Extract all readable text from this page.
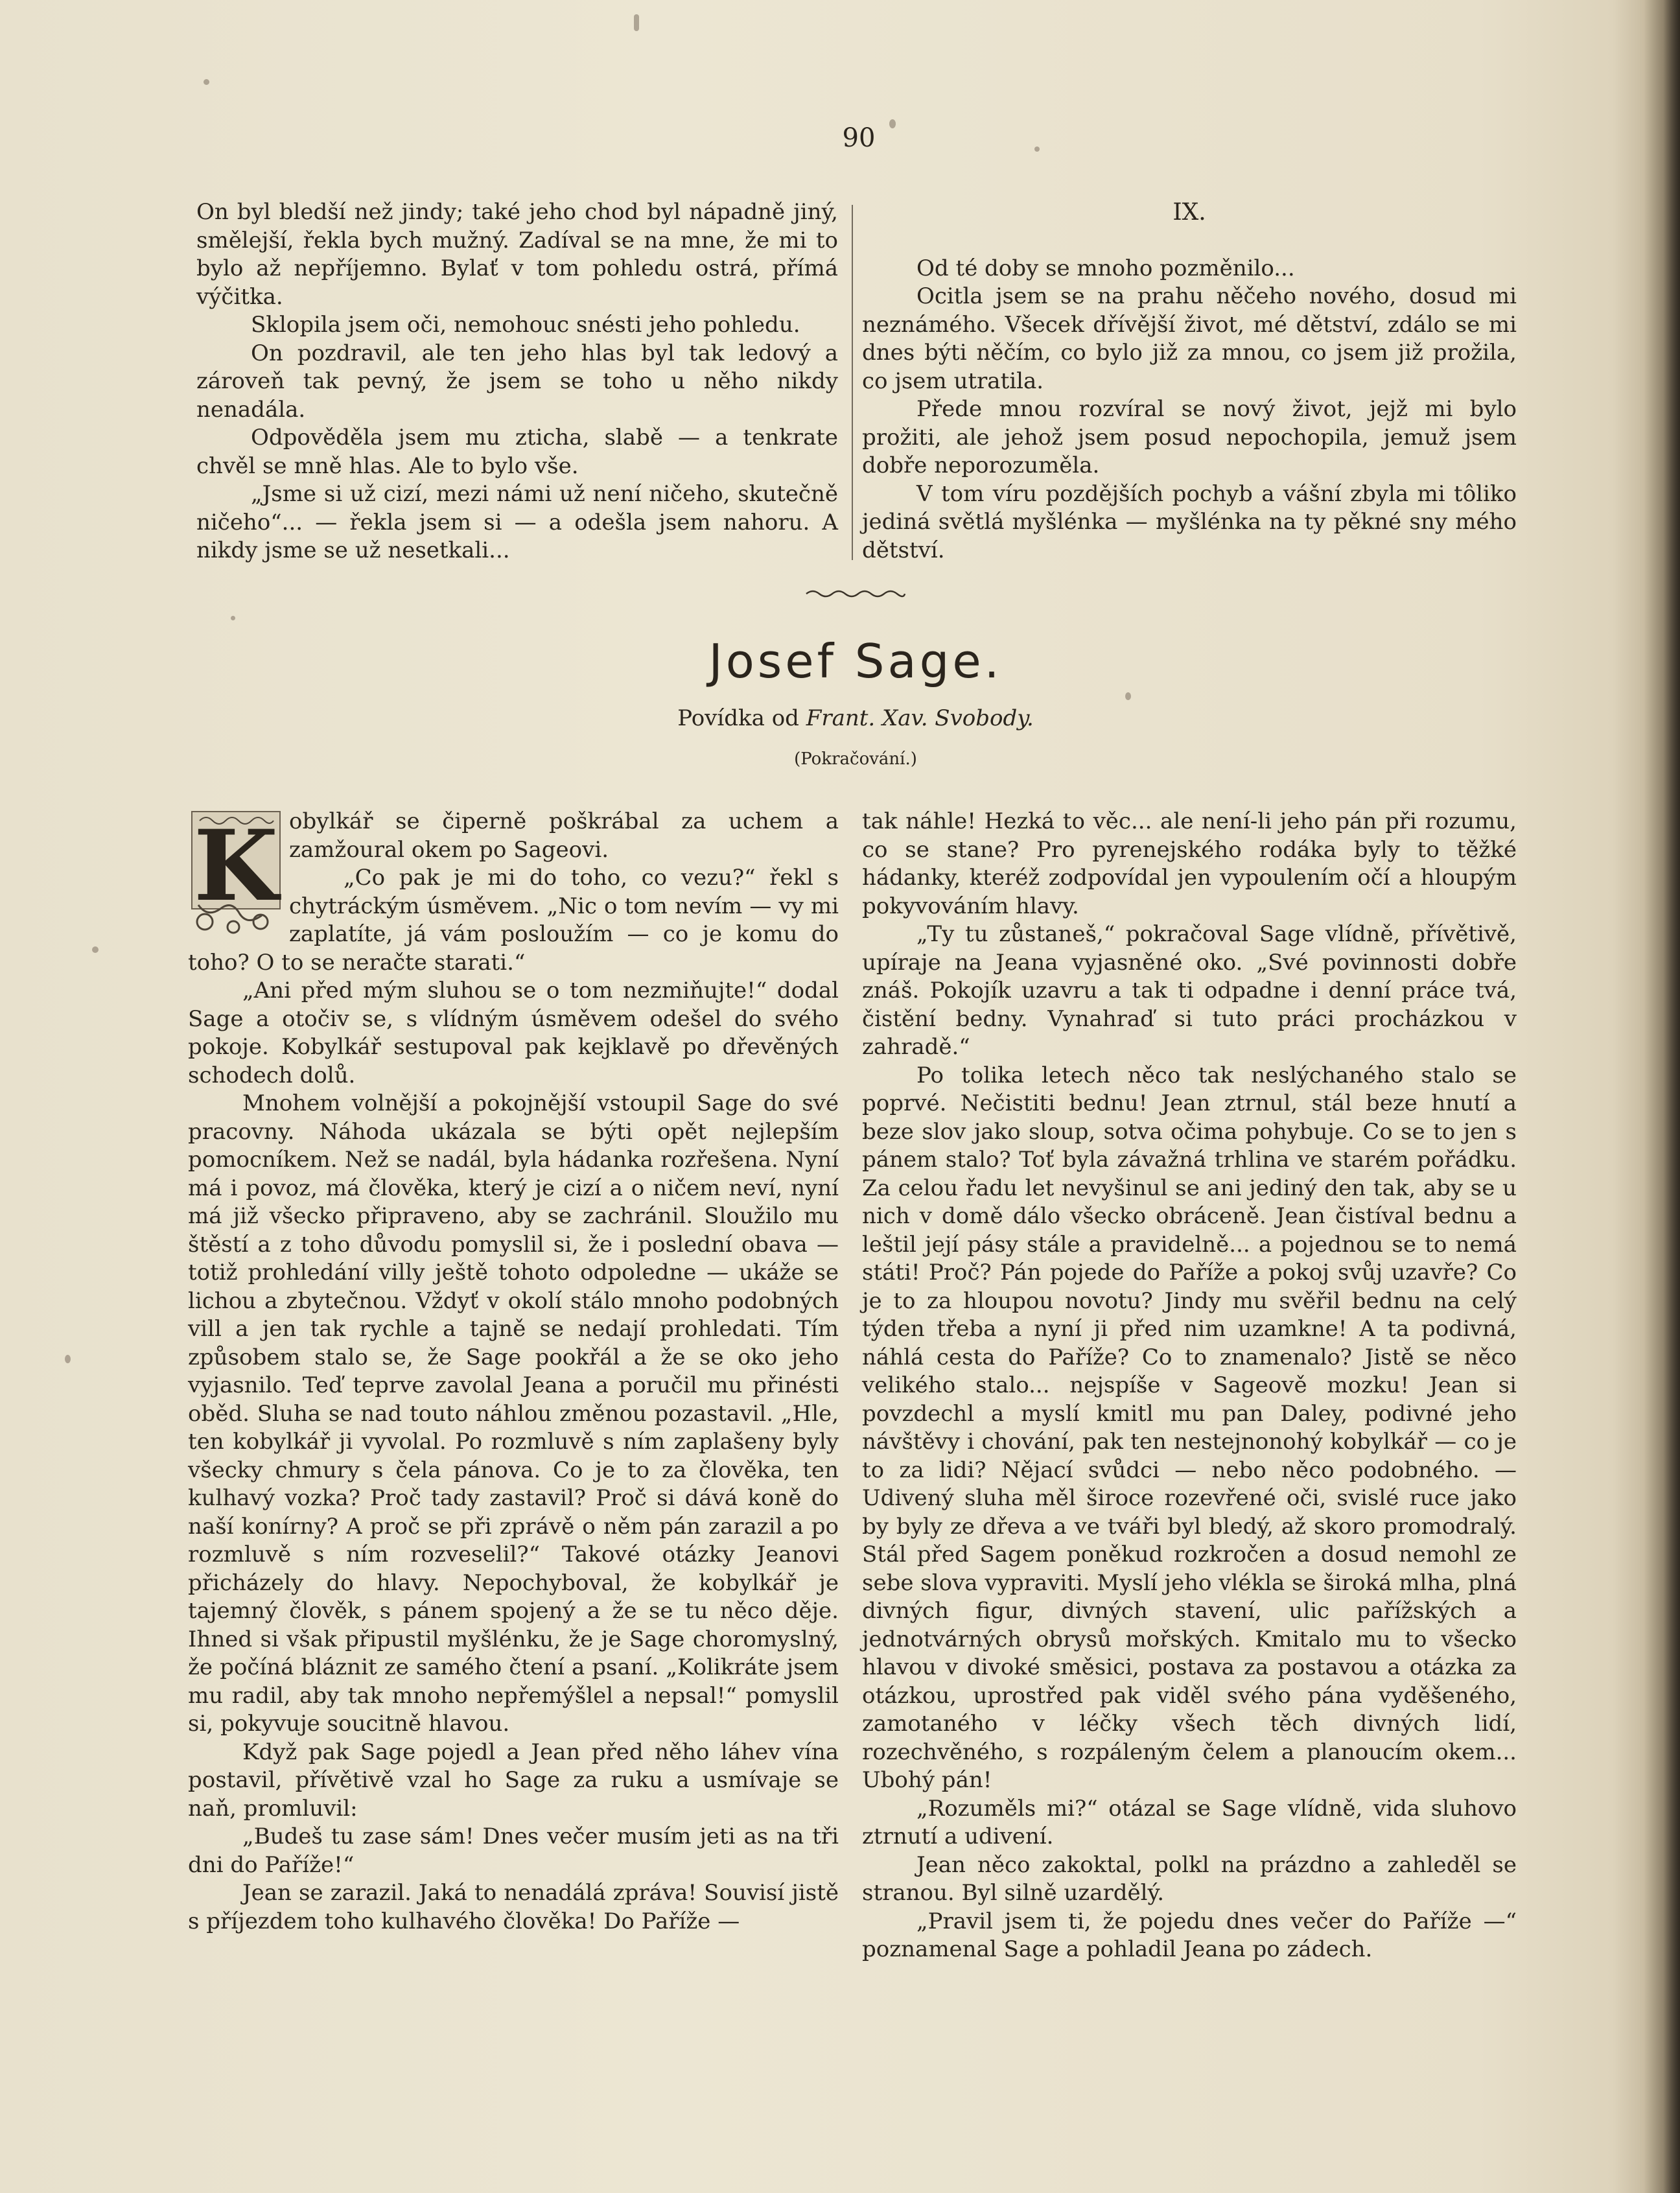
90

On byl bledší než jindy; také jeho chod byl nápadně jiný, smělejší, řekla bych mužný. Zadíval se na mne, že mi to bylo až nepříjemno. Bylať v tom pohledu ostrá, přímá výčitka.

Sklopila jsem oči, nemohouc snésti jeho pohledu.

On pozdravil, ale ten jeho hlas byl tak ledový a zároveň tak pevný, že jsem se toho u něho nikdy nenadála.

Odpověděla jsem mu zticha, slabě — a tenkrate chvěl se mně hlas. Ale to bylo vše.

„Jsme si už cizí, mezi námi už není ničeho, skutečně ničeho“... — řekla jsem si — a odešla jsem nahoru. A nikdy jsme se už nesetkali...

IX.

Od té doby se mnoho pozměnilo...

Ocitla jsem se na prahu něčeho nového, dosud mi neznámého. Všecek dřívější život, mé dětství, zdálo se mi dnes býti něčím, co bylo již za mnou, co jsem již prožila, co jsem utratila.

Přede mnou rozvíral se nový život, jejž mi bylo prožiti, ale jehož jsem posud nepochopila, jemuž jsem dobře neporozuměla.

V tom víru pozdějších pochyb a vášní zbyla mi tôliko jediná světlá myšlénka — myšlénka na ty pěkné sny mého dětství.

Josef Sage.
Povídka od Frant. Xav. Svobody.
(Pokračování.)

K obylkář se čiperně poškrábal za uchem a zamžoural okem po Sageovi.

„Co pak je mi do toho, co vezu?“ řekl s chytráckým úsměvem. „Nic o tom nevím — vy mi zaplatíte, já vám posloužím — co je komu do toho? O to se neračte starati.“

„Ani před mým sluhou se o tom nezmiňujte!“ dodal Sage a otočiv se, s vlídným úsměvem odešel do svého pokoje. Kobylkář sestupoval pak kejklavě po dřevěných schodech dolů.

Mnohem volnější a pokojnější vstoupil Sage do své pracovny. Náhoda ukázala se býti opět nejlepším pomocníkem. Než se nadál, byla hádanka rozřešena. Nyní má i povoz, má člověka, který je cizí a o ničem neví, nyní má již všecko připraveno, aby se zachránil. Sloužilo mu štěstí a z toho důvodu pomyslil si, že i poslední obava — totiž prohledání villy ještě tohoto odpoledne — ukáže se lichou a zbytečnou. Vždyť v okolí stálo mnoho podobných vill a jen tak rychle a tajně se nedají prohledati. Tím způsobem stalo se, že Sage pookřál a že se oko jeho vyjasnilo. Teď teprve zavolal Jeana a poručil mu přinésti oběd. Sluha se nad touto náhlou změnou pozastavil. „Hle, ten kobylkář ji vyvolal. Po rozmluvě s ním zaplašeny byly všecky chmury s čela pánova. Co je to za člověka, ten kulhavý vozka? Proč tady zastavil? Proč si dává koně do naší konírny? A proč se při zprávě o něm pán zarazil a po rozmluvě s ním rozveselil?“ Takové otázky Jeanovi přicházely do hlavy. Nepochyboval, že kobylkář je tajemný člověk, s pánem spojený a že se tu něco děje. Ihned si však připustil myšlénku, že je Sage choromyslný, že počíná bláznit ze samého čtení a psaní. „Kolikráte jsem mu radil, aby tak mnoho nepřemýšlel a nepsal!“ pomyslil si, pokyvuje soucitně hlavou.

Když pak Sage pojedl a Jean před něho láhev vína postavil, přívětivě vzal ho Sage za ruku a usmívaje se naň, promluvil:

„Budeš tu zase sám! Dnes večer musím jeti as na tři dni do Paříže!“

Jean se zarazil. Jaká to nenadálá zpráva! Souvisí jistě s příjezdem toho kulhavého člověka! Do Paříže —

tak náhle! Hezká to věc... ale není-li jeho pán při rozumu, co se stane? Pro pyrenejského rodáka byly to těžké hádanky, kteréž zodpovídal jen vypoulením očí a hloupým pokyvováním hlavy.

„Ty tu zůstaneš,“ pokračoval Sage vlídně, přívětivě, upíraje na Jeana vyjasněné oko. „Své povinnosti dobře znáš. Pokojík uzavru a tak ti odpadne i denní práce tvá, čistění bedny. Vynahraď si tuto práci procházkou v zahradě.“

Po tolika letech něco tak neslýchaného stalo se poprvé. Nečistiti bednu! Jean ztrnul, stál beze hnutí a beze slov jako sloup, sotva očima pohybuje. Co se to jen s pánem stalo? Toť byla závažná trhlina ve starém pořádku. Za celou řadu let nevyšinul se ani jediný den tak, aby se u nich v domě dálo všecko obráceně. Jean čistíval bednu a leštil její pásy stále a pravidelně... a pojednou se to nemá státi! Proč? Pán pojede do Paříže a pokoj svůj uzavře? Co je to za hloupou novotu? Jindy mu svěřil bednu na celý týden třeba a nyní ji před nim uzamkne! A ta podivná, náhlá cesta do Paříže? Co to znamenalo? Jistě se něco velikého stalo... nejspíše v Sageově mozku! Jean si povzdechl a myslí kmitl mu pan Daley, podivné jeho návštěvy i chování, pak ten nestejnonohý kobylkář — co je to za lidi? Nějací svůdci — nebo něco podobného. — Udivený sluha měl široce rozevřené oči, svislé ruce jako by byly ze dřeva a ve tváři byl bledý, až skoro promodralý. Stál před Sagem poněkud rozkročen a dosud nemohl ze sebe slova vypraviti. Myslí jeho vlékla se široká mlha, plná divných figur, divných stavení, ulic pařížských a jednotvárných obrysů mořských. Kmitalo mu to všecko hlavou v divoké směsici, postava za postavou a otázka za otázkou, uprostřed pak viděl svého pána vyděšeného, zamotaného v léčky všech těch divných lidí, rozechvěného, s rozpáleným čelem a planoucím okem... Ubohý pán!

„Rozuměls mi?“ otázal se Sage vlídně, vida sluhovo ztrnutí a udivení.

Jean něco zakoktal, polkl na prázdno a zahleděl se stranou. Byl silně uzardělý.

„Pravil jsem ti, že pojedu dnes večer do Paříže —“ poznamenal Sage a pohladil Jeana po zádech.
